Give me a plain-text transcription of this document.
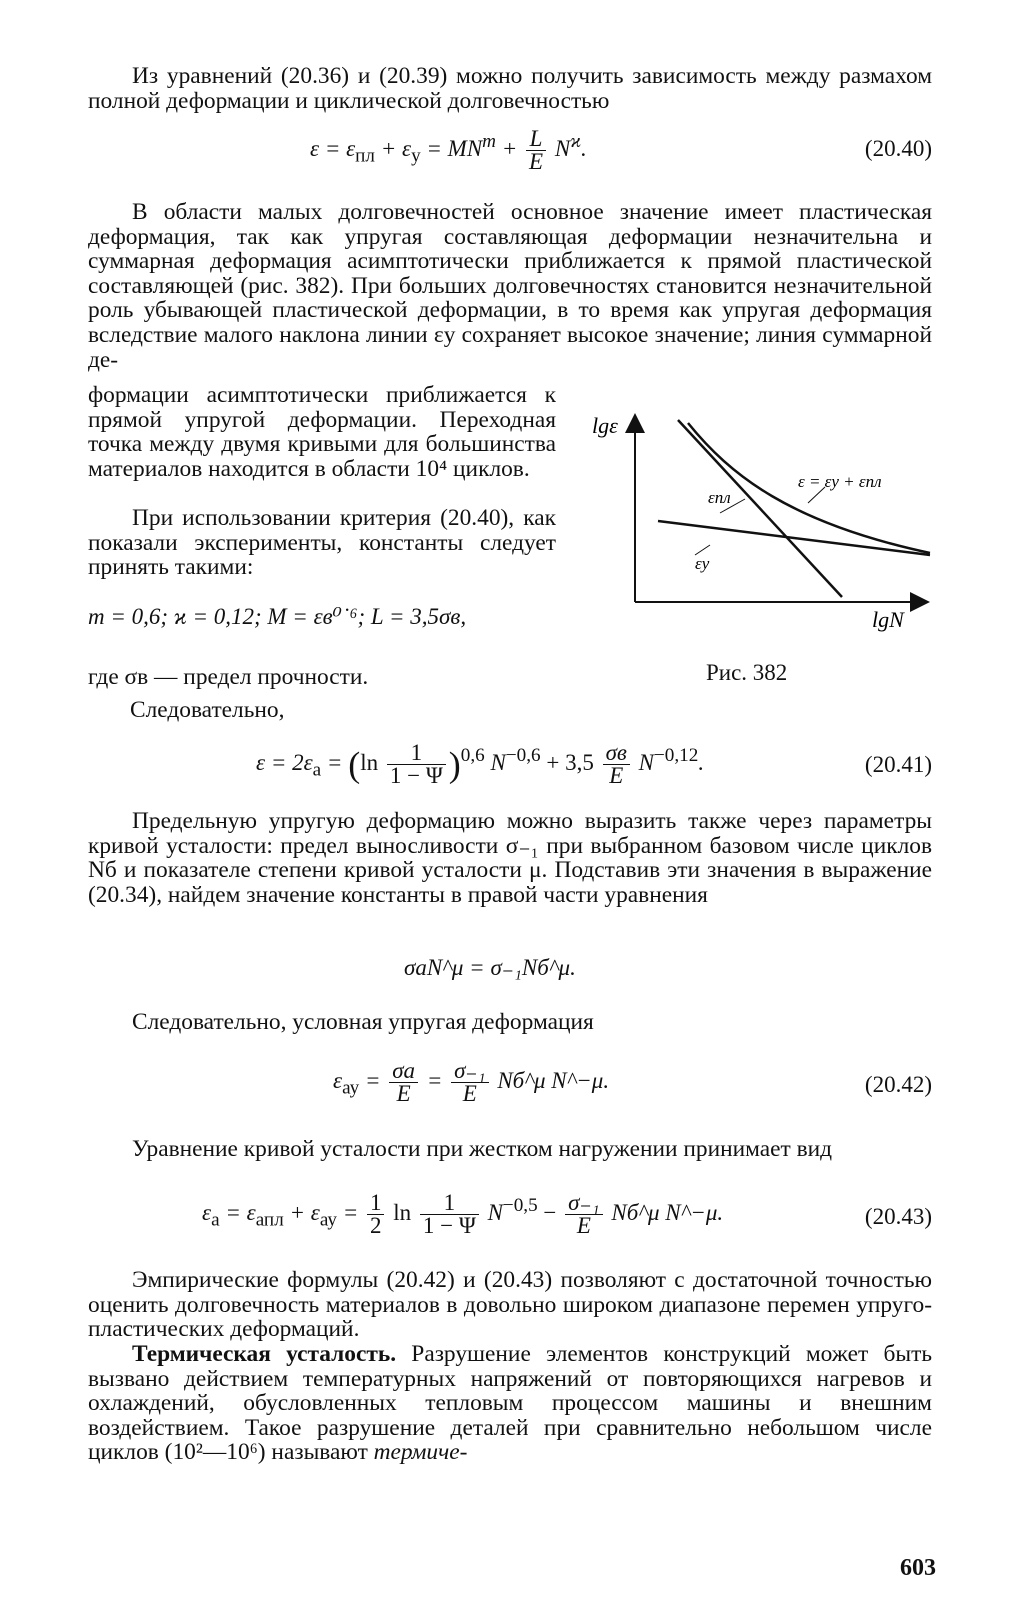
Из уравнений (20.36) и (20.39) можно получить зависимость между размахом полной деформации и циклической долговечностью

$\varepsilon = \varepsilon_{пл} + \varepsilon_у = MN^m + \frac{L}{E} N^ϰ$.	(20.40)

В области малых долговечностей основное значение имеет пластическая деформация, так как упругая составляющая деформации незначительна и суммарная деформация асимптотически приближается к прямой пластической составляющей (рис. 382). При больших долговечностях становится незначительной роль убывающей пластической деформации, в то время как упругая деформация вследствие малого наклона линии εу сохраняет высокое значение; линия суммарной де-

формации асимптотически приближается к прямой упругой деформации. Переходная точка между двумя кривыми для большинства материалов находится в области 10⁴ циклов.

При использовании критерия (20.40), как показали эксперименты, константы следует принять такими:

m = 0,6; ϰ = 0,12; M = εв⁰˙⁶; L = 3,5σв,
где σв — предел прочности.
Следовательно,
lgε
lgN
ε = εу + εпл
εпл
εу
Рис. 382
$\varepsilon = 2\varepsilon_а = (\ln \frac{1}{1 - \Psi} )^{0,6}$ $N^{-0,6} + 3,5 \frac{\sigma в}{E} N^{-0,12}$.	(20.41)

Предельную упругую деформацию можно выразить также через параметры кривой усталости: предел выносливости σ₋₁ при выбранном базовом числе циклов Nб и показателе степени кривой усталости μ. Подставив эти значения в выражение (20.34), найдем значение константы в правой части уравнения

σаN^μ = σ₋₁Nб^μ.

Следовательно, условная упругая деформация

$\varepsilon_{ау} = \frac{\sigma а}{E} = \frac{\text{σ₋₁}}{E}$ Nб^μ N^−μ.	(20.42)

Уравнение кривой усталости при жестком нагружении принимает вид

$\varepsilon_а = \varepsilon_{апл} + \varepsilon_{ау} = \frac{1}{2}$ $\ln \frac{1}{1 - \Psi} N^{-0,5} - \frac{\text{σ₋₁}}{E}$ Nб^μ N^−μ.	(20.43)

Эмпирические формулы (20.42) и (20.43) позволяют с достаточной точностью оценить долговечность материалов в довольно широком диапазоне перемен упруго-пластических деформаций.

Термическая усталость. Разрушение элементов конструкций может быть вызвано действием температурных напряжений от повторяющихся нагревов и охлаждений, обусловленных тепловым процессом машины и внешним воздействием. Такое разрушение деталей при сравнительно небольшом числе циклов (10²—10⁶) называют термиче-

603
